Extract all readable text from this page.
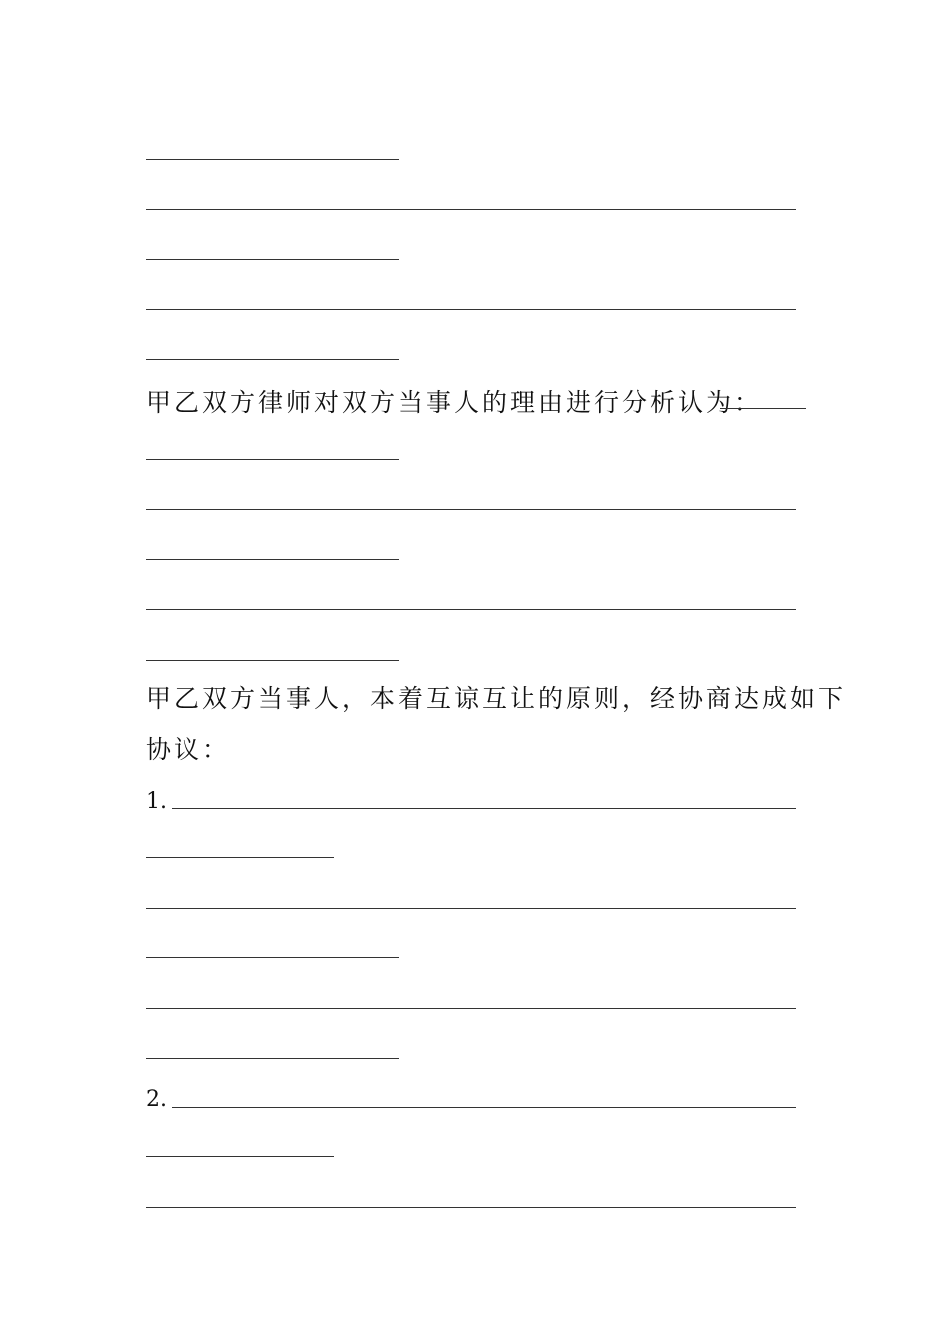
甲乙双方律师对双方当事人的理由进行分析认为：
甲乙双方当事人，本着互谅互让的原则，经协商达成如下
协议：
1.
2.
